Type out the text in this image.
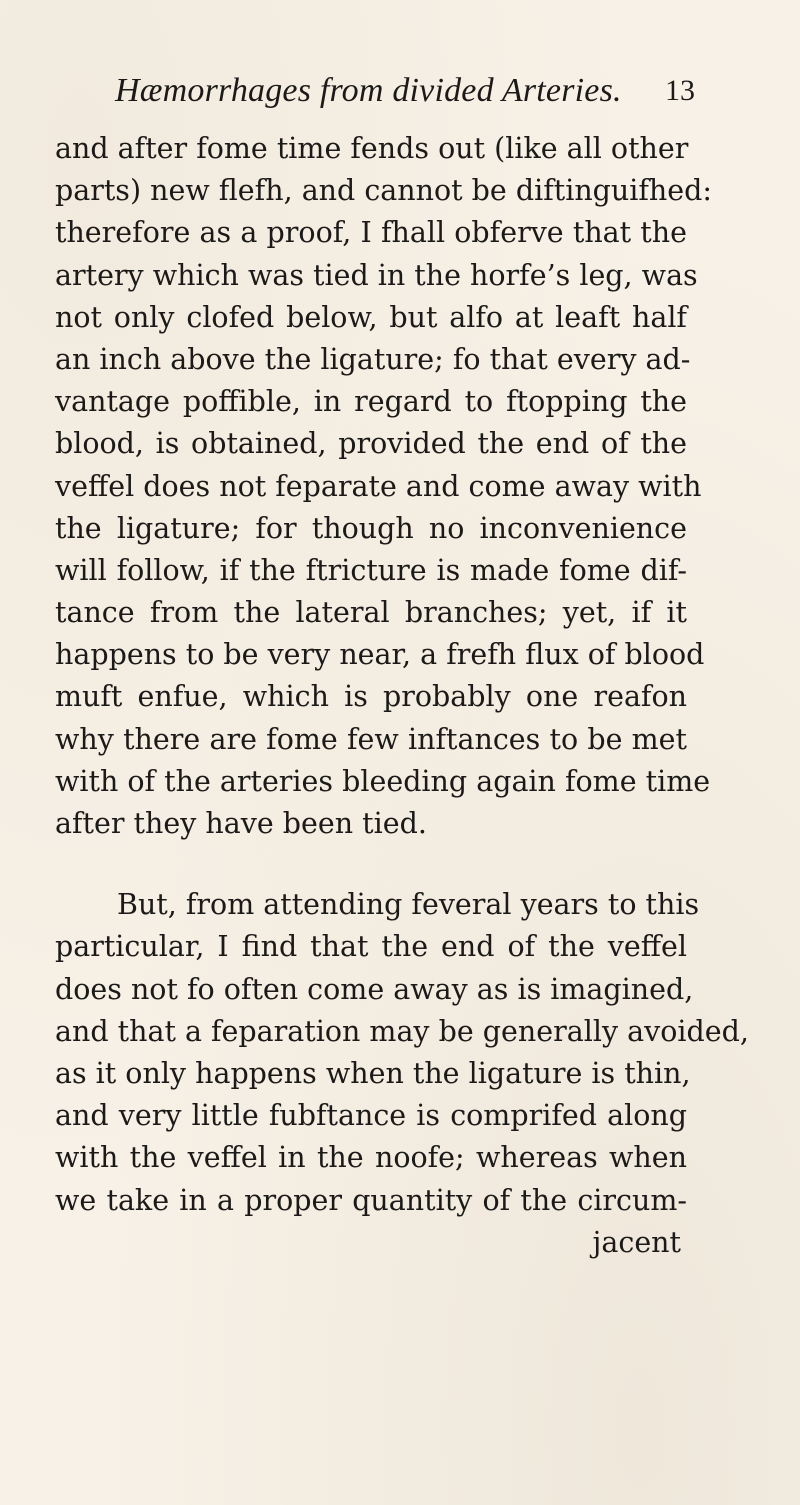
Hæmorrhages from divided Arteries. 13
and after fome time fends out (like all other
parts) new flefh, and cannot be diftinguifhed:
therefore as a proof, I fhall obferve that the
artery which was tied in the horfe’s leg, was
not only clofed below, but alfo at leaft half
an inch above the ligature; fo that every ad-
vantage poffible, in regard to ftopping the
blood, is obtained, provided the end of the
veffel does not feparate and come away with
the ligature; for though no inconvenience
will follow, if the ftricture is made fome dif-
tance from the lateral branches; yet, if it
happens to be very near, a frefh flux of blood
muft enfue, which is probably one reafon
why there are fome few inftances to be met
with of the arteries bleeding again fome time
after they have been tied.
But, from attending feveral years to this
particular, I find that the end of the veffel
does not fo often come away as is imagined,
and that a feparation may be generally avoided,
as it only happens when the ligature is thin,
and very little fubftance is comprifed along
with the veffel in the noofe; whereas when
we take in a proper quantity of the circum-
jacent
